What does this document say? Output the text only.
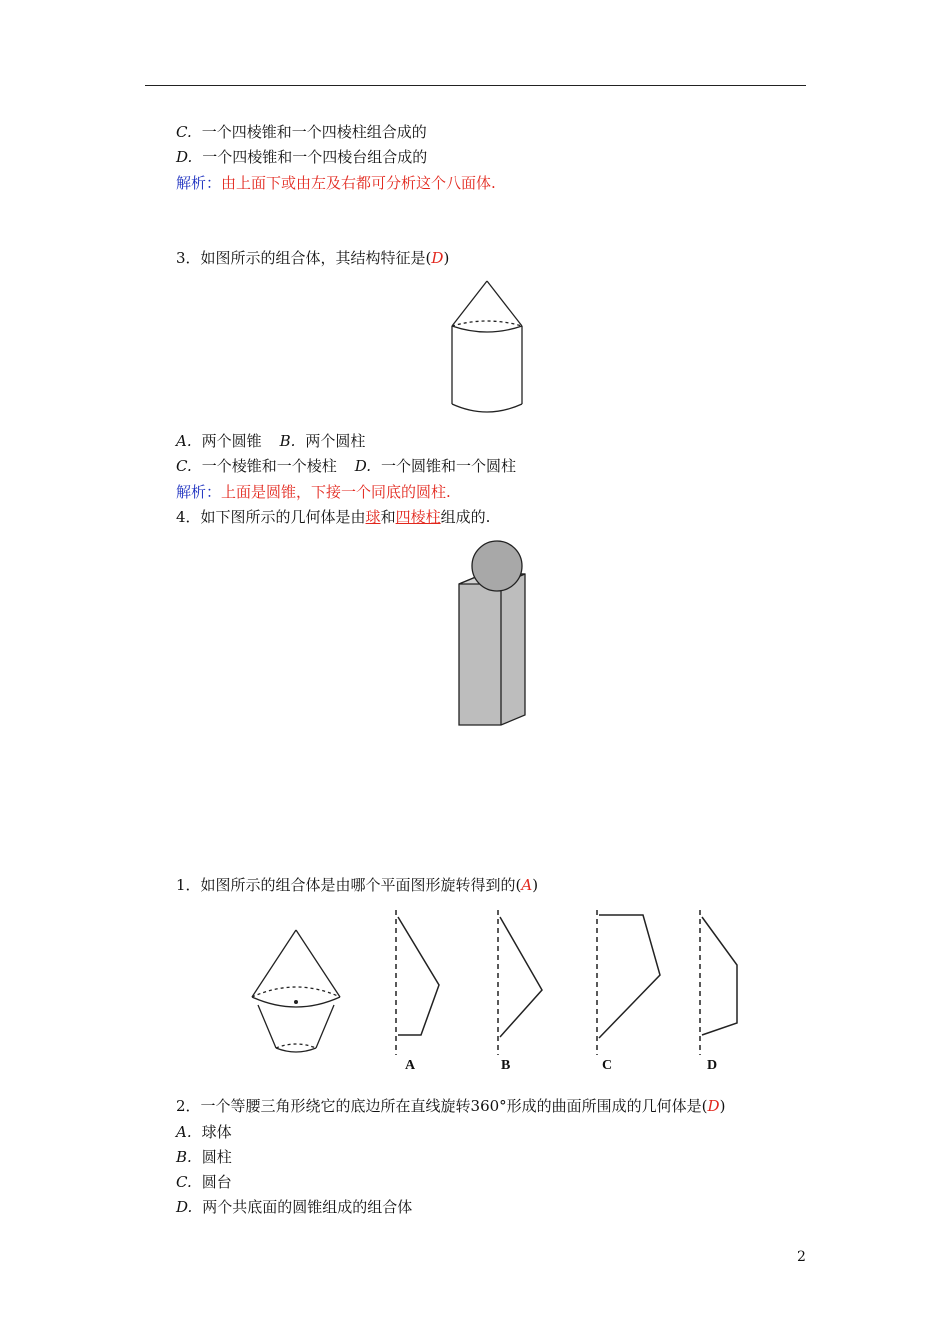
C. 一个四棱锥和一个四棱柱组合成的
D. 一个四棱锥和一个四棱台组合成的
解析：由上面下或由左及右都可分析这个八面体.
3．如图所示的组合体，其结构特征是(D)
A. 两个圆锥 B. 两个圆柱
C. 一个棱锥和一个棱柱 D. 一个圆锥和一个圆柱
解析：上面是圆锥，下接一个同底的圆柱.
4．如下图所示的几何体是由球和四棱柱组成的.
1．如图所示的组合体是由哪个平面图形旋转得到的(A)
A	B	C	D
2．一个等腰三角形绕它的底边所在直线旋转360°形成的曲面所围成的几何体是(D)
A. 球体
B. 圆柱
C. 圆台
D. 两个共底面的圆锥组成的组合体
2
